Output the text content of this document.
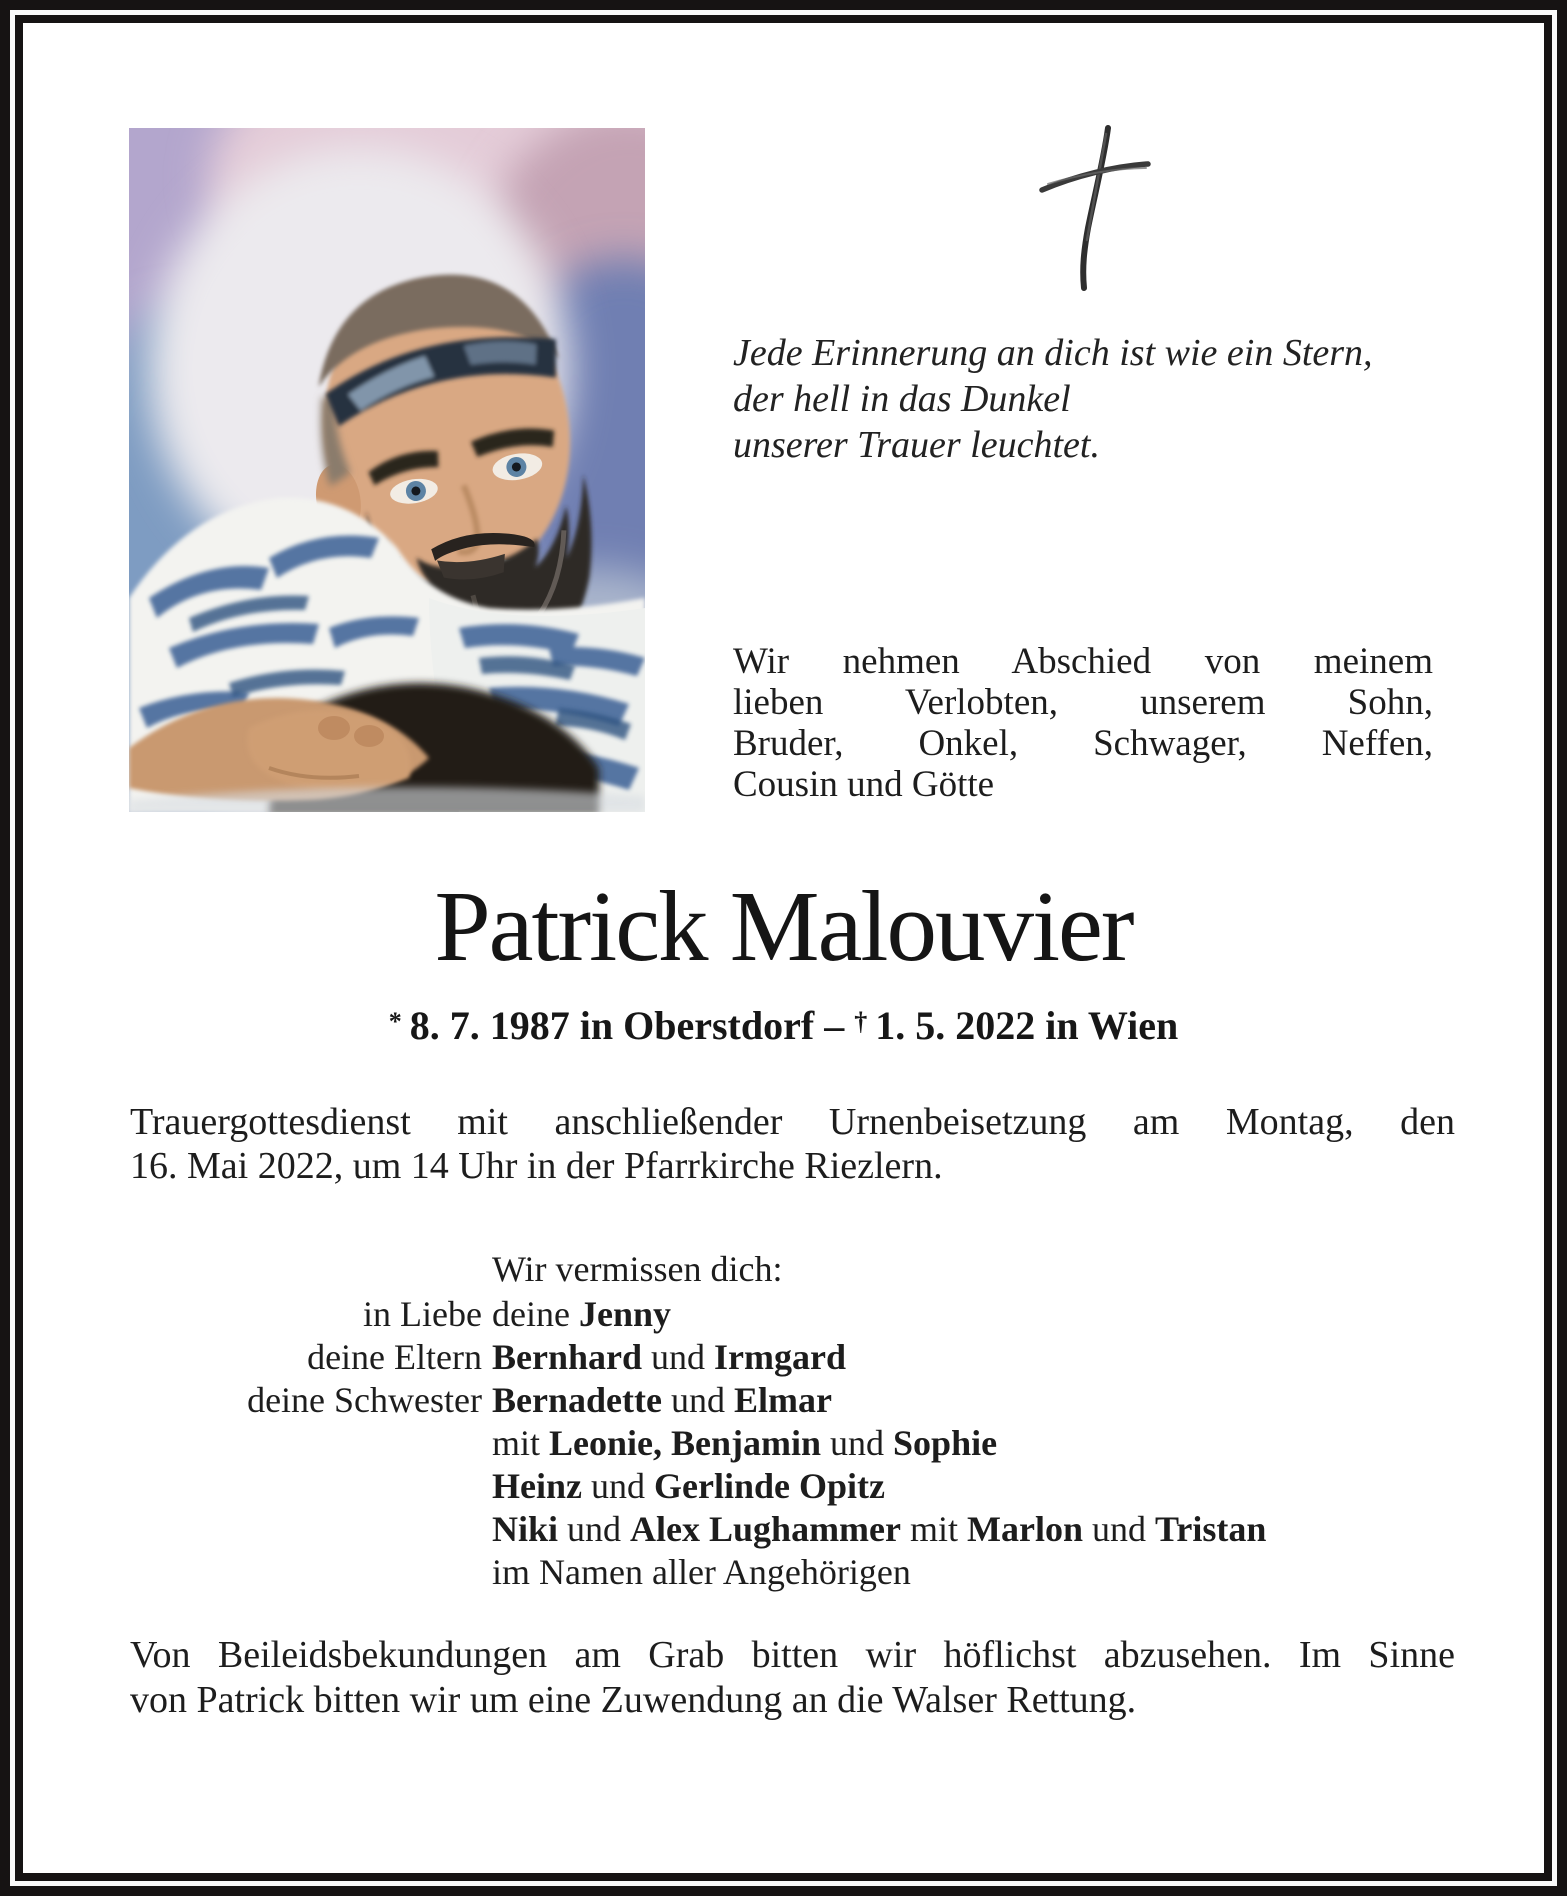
Jede Erinnerung an dich ist wie ein Stern,
der hell in das Dunkel
unserer Trauer leuchtet.
Wir nehmen Abschied von meinem
lieben Verlobten, unserem Sohn,
Bruder, Onkel, Schwager, Neffen,
Cousin und Götte
Patrick Malouvier
* 8. 7. 1987 in Oberstdorf – † 1. 5. 2022 in Wien
Trauergottesdienst mit anschließender Urnenbeisetzung am Montag, den
16. Mai 2022, um 14 Uhr in der Pfarrkirche Riezlern.
Wir vermissen dich:
in Liebe deine Jenny
deine Eltern Bernhard und Irmgard
deine Schwester Bernadette und Elmar
mit Leonie, Benjamin und Sophie
Heinz und Gerlinde Opitz
Niki und Alex Lughammer mit Marlon und Tristan
im Namen aller Angehörigen
Von Beileidsbekundungen am Grab bitten wir höflichst abzusehen. Im Sinne
von Patrick bitten wir um eine Zuwendung an die Walser Rettung.
